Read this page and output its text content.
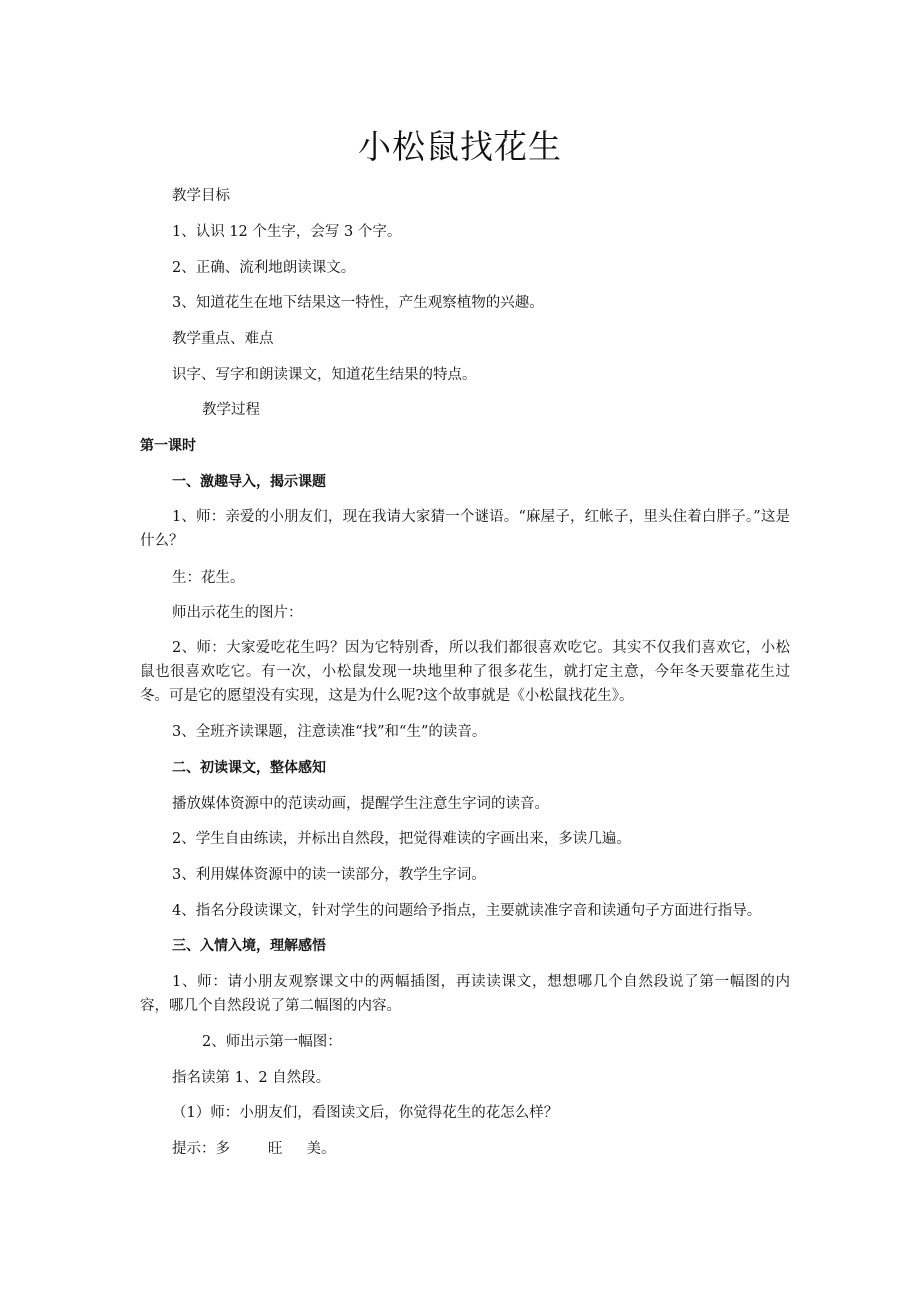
小松鼠找花生
教学目标
1、认识 12 个生字，会写 3 个字。
2、正确、流利地朗读课文。
3、知道花生在地下结果这一特性，产生观察植物的兴趣。
教学重点、难点
识字、写字和朗读课文，知道花生结果的特点。
教学过程
第一课时
一、激趣导入，揭示课题
1、师：亲爱的小朋友们，现在我请大家猜一个谜语。“麻屋子，红帐子，里头住着白胖子。”这是什么？
生：花生。
师出示花生的图片：
2、师：大家爱吃花生吗？因为它特别香，所以我们都很喜欢吃它。其实不仅我们喜欢它，小松鼠也很喜欢吃它。有一次，小松鼠发现一块地里种了很多花生，就打定主意，今年冬天要靠花生过冬。可是它的愿望没有实现，这是为什么呢?这个故事就是《小松鼠找花生》。
3、全班齐读课题，注意读准“找”和“生”的读音。
二、初读课文，整体感知
播放媒体资源中的范读动画，提醒学生注意生字词的读音。
2、学生自由练读，并标出自然段，把觉得难读的字画出来，多读几遍。
3、利用媒体资源中的读一读部分，教学生字词。
4、指名分段读课文，针对学生的问题给予指点，主要就读准字音和读通句子方面进行指导。
三、入情入境，理解感悟
1、师：请小朋友观察课文中的两幅插图，再读读课文，想想哪几个自然段说了第一幅图的内容，哪几个自然段说了第二幅图的内容。
2、师出示第一幅图：
指名读第 1、2 自然段。
（1）师：小朋友们，看图读文后，你觉得花生的花怎么样？
提示：多	旺 美。
